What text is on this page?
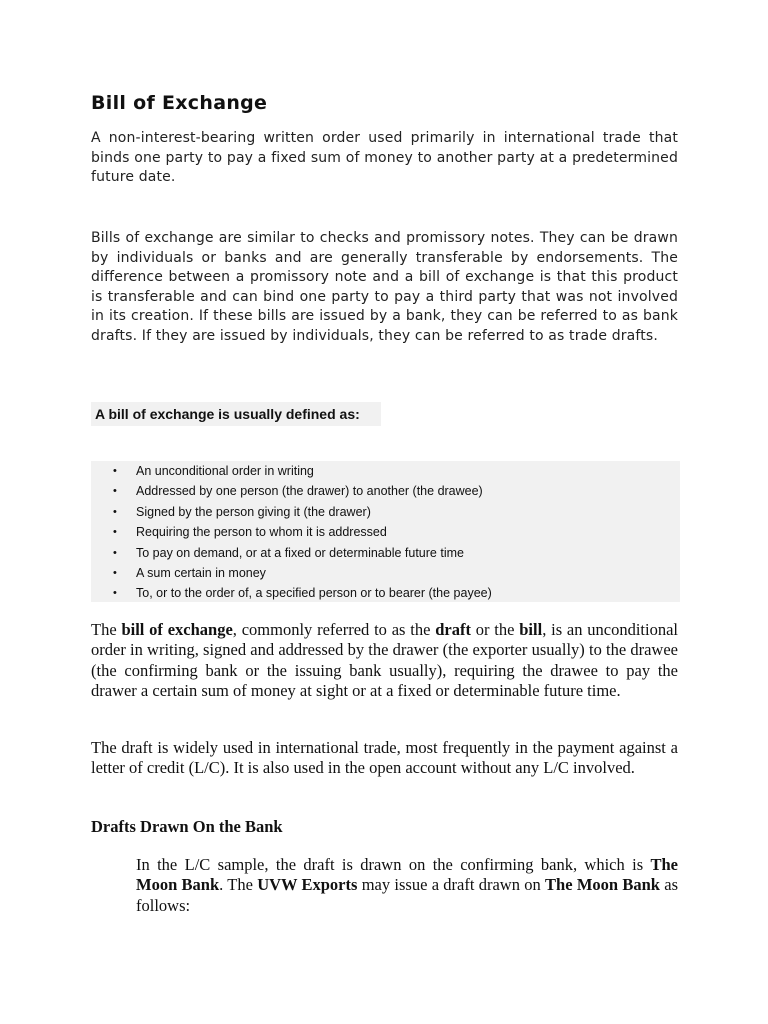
Bill of Exchange

A non-interest-bearing written order used primarily in international trade that binds one party to pay a fixed sum of money to another party at a predetermined future date.

Bills of exchange are similar to checks and promissory notes. They can be drawn by individuals or banks and are generally transferable by endorsements. The difference between a promissory note and a bill of exchange is that this product is transferable and can bind one party to pay a third party that was not involved in its creation. If these bills are issued by a bank, they can be referred to as bank drafts. If they are issued by individuals, they can be referred to as trade drafts.

A bill of exchange is usually defined as:
• An unconditional order in writing
• Addressed by one person (the drawer) to another (the drawee)
• Signed by the person giving it (the drawer)
• Requiring the person to whom it is addressed
• To pay on demand, or at a fixed or determinable future time
• A sum certain in money
• To, or to the order of, a specified person or to bearer (the payee)

The bill of exchange, commonly referred to as the draft or the bill, is an unconditional order in writing, signed and addressed by the drawer (the exporter usually) to the drawee (the confirming bank or the issuing bank usually), requiring the drawee to pay the drawer a certain sum of money at sight or at a fixed or determinable future time.

The draft is widely used in international trade, most frequently in the payment against a letter of credit (L/C). It is also used in the open account without any L/C involved.

Drafts Drawn On the Bank

In the L/C sample, the draft is drawn on the confirming bank, which is The Moon Bank. The UVW Exports may issue a draft drawn on The Moon Bank as follows:
